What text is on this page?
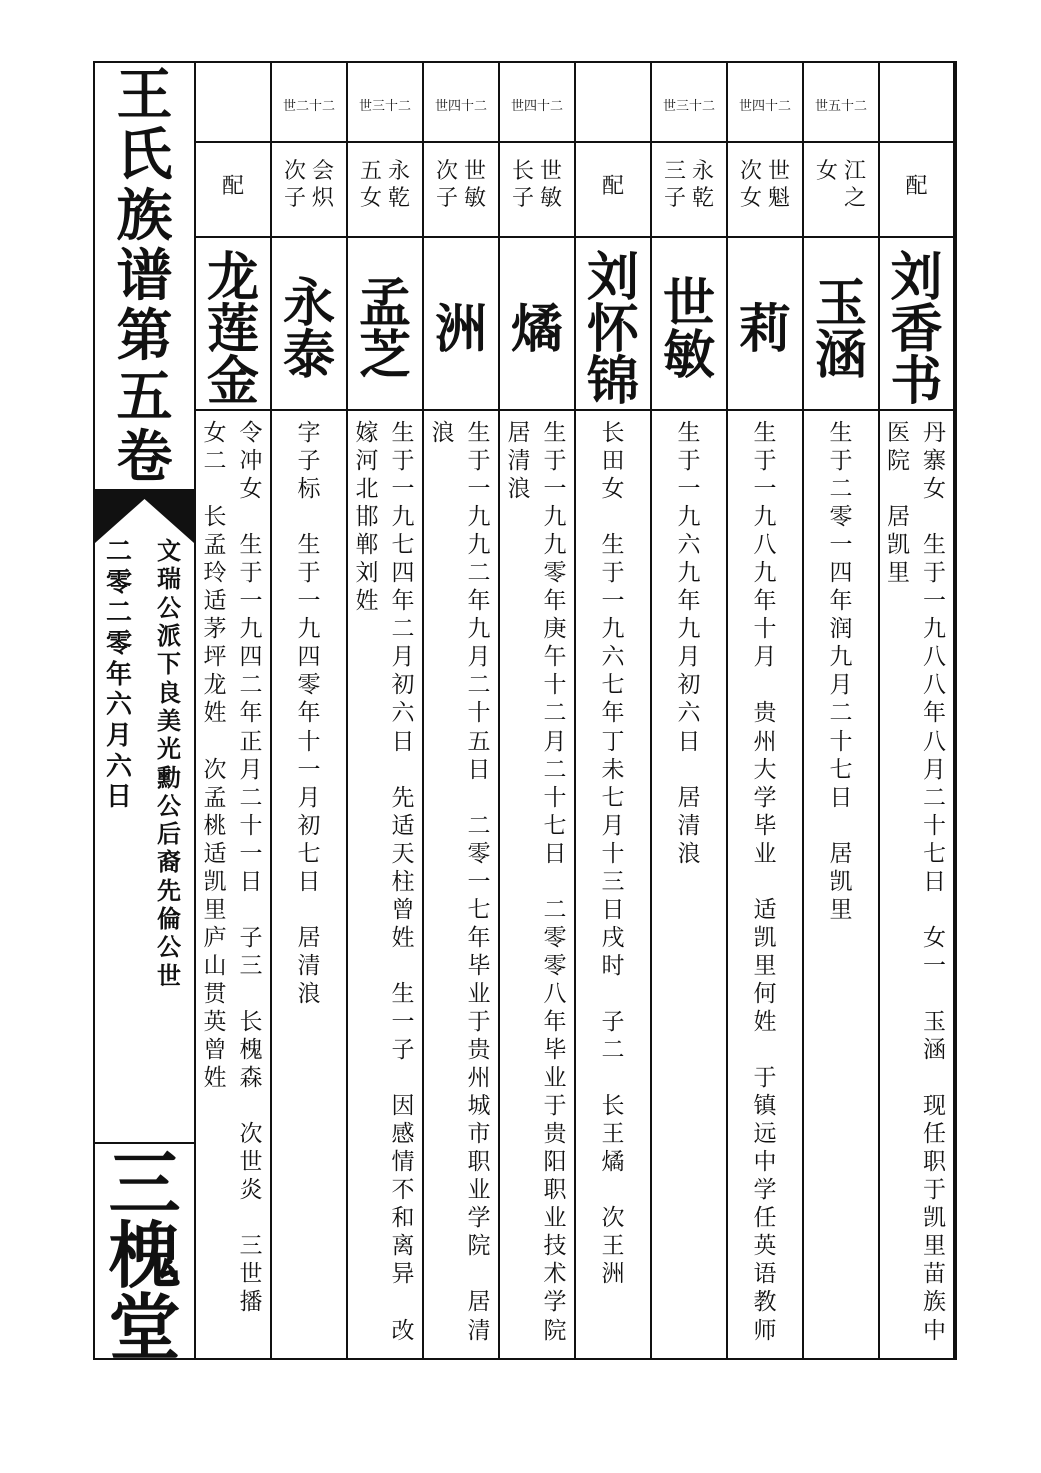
王
氏
族
谱
第
五
卷
文
瑞
公
派
下
良
美
光
勳
公
后
裔
先
倫
公
世
二
零
二
零
年
六
月
六
日
三
槐
堂
配
龙
莲
金
令
冲
女

生
于
一
九
四
二
年
正
月
二
十
一
日

子
三

长
槐
森

次
世
炎

三
世
播
女
二

长
孟
玲
适
茅
坪
龙
姓

次
孟
桃
适
凯
里
庐
山
贯
英
曾
姓
世二十二
会
炽
次
子
永
泰
字
子
标

生
于
一
九
四
零
年
十
一
月
初
七
日

居
清
浪
世三十二
永
乾
五
女
孟
芝
生
于
一
九
七
四
年
二
月
初
六
日

先
适
天
柱
曾
姓

生
一
子

因
感
情
不
和
离
异

改
嫁
河
北
邯
郸
刘
姓
世四十二
世
敏
次
子
洲
生
于
一
九
九
二
年
九
月
二
十
五
日

二
零
一
七
年
毕
业
于
贵
州
城
市
职
业
学
院

居
清
浪
世四十二
世
敏
长
子
燏
生
于
一
九
九
零
年
庚
午
十
二
月
二
十
七
日

二
零
零
八
年
毕
业
于
贵
阳
职
业
技
术
学
院
居
清
浪
配
刘
怀
锦
长
田
女

生
于
一
九
六
七
年
丁
未
七
月
十
三
日
戌
时

子
二

长
王
燏

次
王
洲
世三十二
永
乾
三
子
世
敏
生
于
一
九
六
九
年
九
月
初
六
日

居
清
浪
世四十二
世
魁
次
女
莉
生
于
一
九
八
九
年
十
月

贵
州
大
学
毕
业

适
凯
里
何
姓

于
镇
远
中
学
任
英
语
教
师
世五十二
江
之
女
玉
涵
生
于
二
零
一
四
年
润
九
月
二
十
七
日

居
凯
里
配
刘
香
书
丹
寨
女

生
于
一
九
八
八
年
八
月
二
十
七
日

女
一

玉
涵

现
任
职
于
凯
里
苗
族
中
医
院

居
凯
里
